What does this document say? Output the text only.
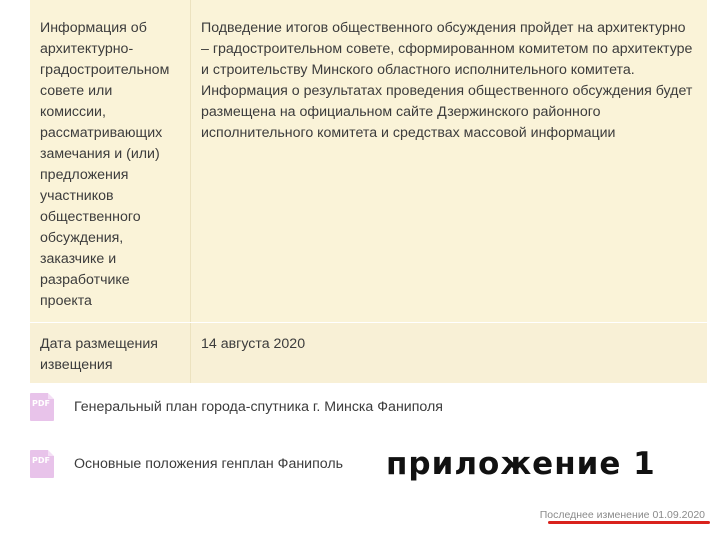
Информация об архитектурно-градостроительном совете или комиссии, рассматривающих замечания и (или) предложения участников общественного обсуждения, заказчике и разработчике проекта
Подведение итогов общественного обсуждения пройдет на архитектурно – градостроительном совете, сформированном комитетом по архитектуре и строительству Минского областного исполнительного комитета.
Информация о результатах проведения общественного обсуждения будет размещена на официальном сайте Дзержинского районного исполнительного комитета и средствах массовой информации
Дата размещения извещения
14 августа 2020
PDF Генеральный план города-спутника г. Минска Фаниполя
PDF Основные положения генплан Фаниполь приложение 1
Последнее изменение 01.09.2020
